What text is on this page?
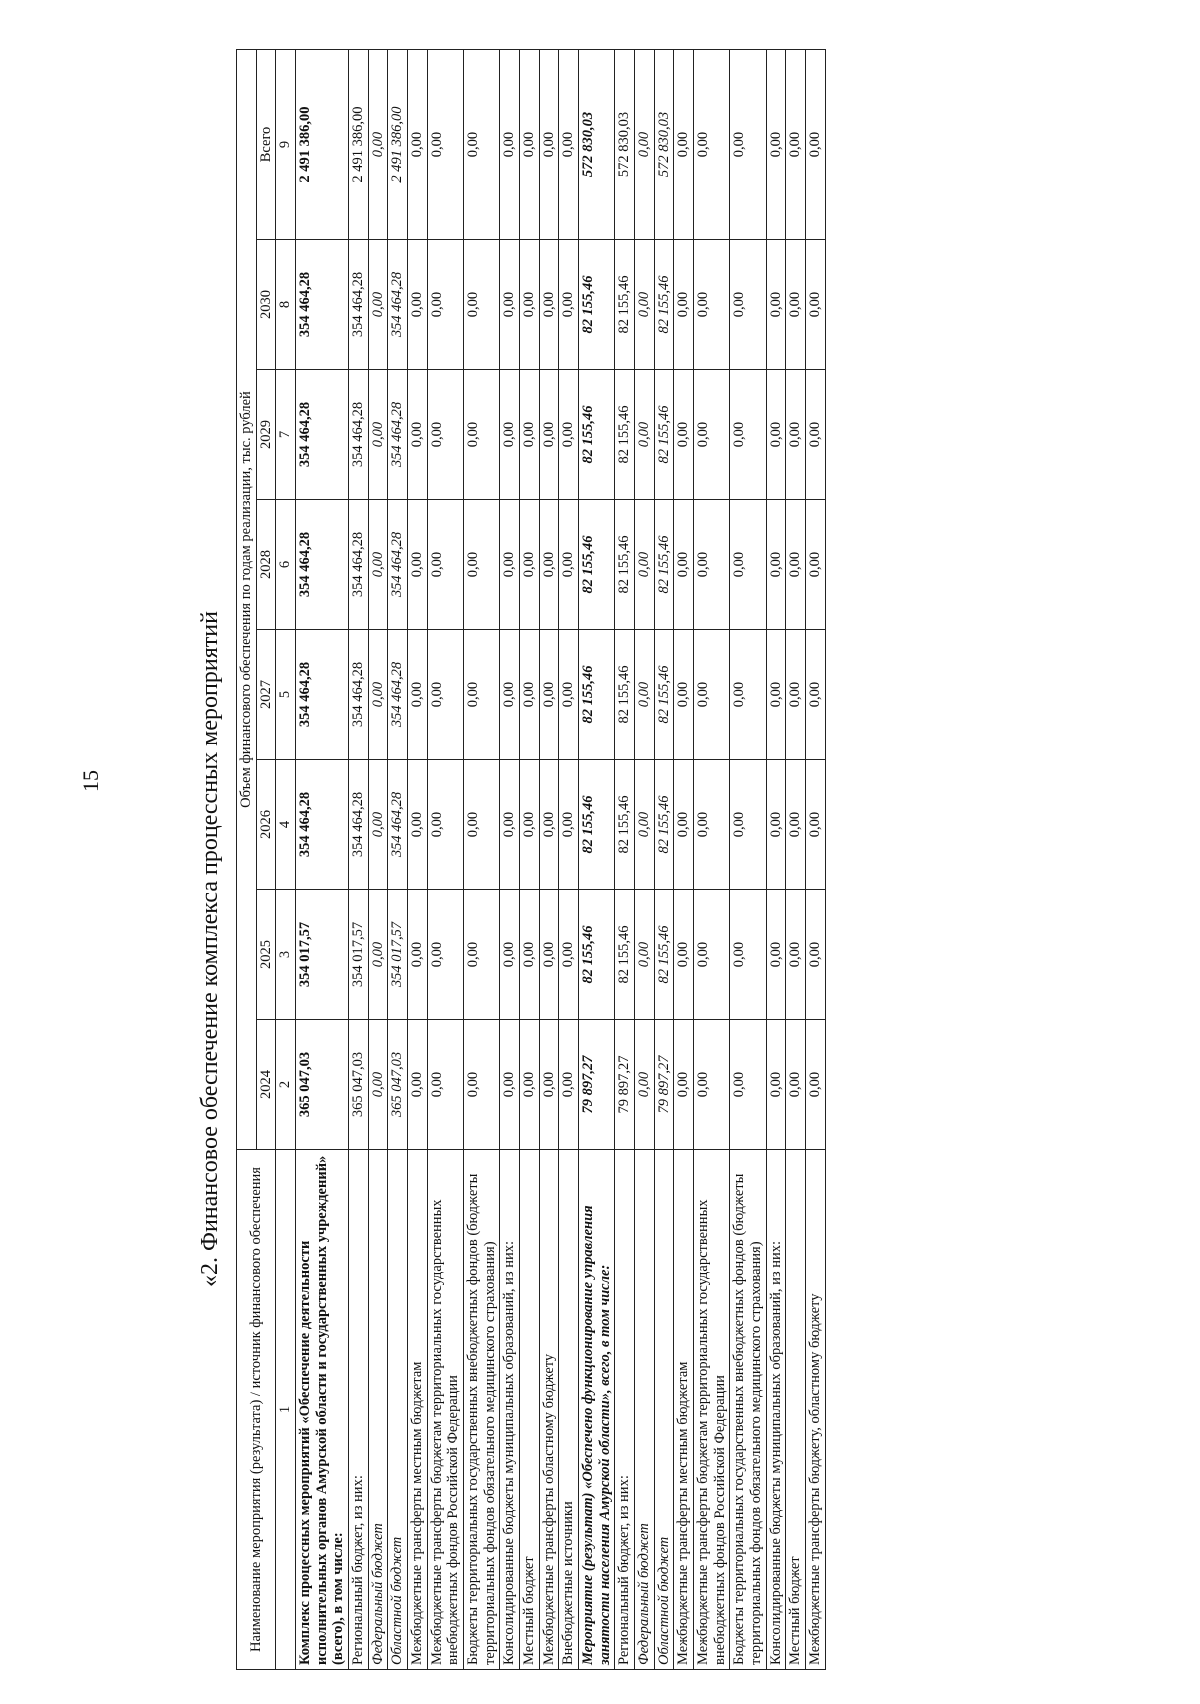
15	«2. Финансовое обеспечение комплекса процессных мероприятий
Наименование мероприятия (результата) / источник финансового обеспечения	Объем финансового обеспечения по годам реализации, тыс. рублей							
	2024	2025	2026	2027	2028	2029	2030	Всего
1	2	3	4	5	6	7	8	9
Комплекс процессных мероприятий «Обеспечение деятельности исполнительных органов Амурской области и государственных учреждений» (всего), в том числе:	365 047,03	354 017,57	354 464,28	354 464,28	354 464,28	354 464,28	354 464,28	2 491 386,00
Региональный бюджет, из них:	365 047,03	354 017,57	354 464,28	354 464,28	354 464,28	354 464,28	354 464,28	2 491 386,00
Федеральный бюджет	0,00	0,00	0,00	0,00	0,00	0,00	0,00	0,00
Областной бюджет	365 047,03	354 017,57	354 464,28	354 464,28	354 464,28	354 464,28	354 464,28	2 491 386,00
Межбюджетные трансферты местным бюджетам	0,00	0,00	0,00	0,00	0,00	0,00	0,00	0,00
Межбюджетные трансферты бюджетам территориальных государственных внебюджетных фондов Российской Федерации	0,00	0,00	0,00	0,00	0,00	0,00	0,00	0,00
Бюджеты территориальных государственных внебюджетных фондов (бюджеты территориальных фондов обязательного медицинского страхования)	0,00	0,00	0,00	0,00	0,00	0,00	0,00	0,00
Консолидированные бюджеты муниципальных образований, из них:	0,00	0,00	0,00	0,00	0,00	0,00	0,00	0,00
Местный бюджет	0,00	0,00	0,00	0,00	0,00	0,00	0,00	0,00
Межбюджетные трансферты областному бюджету	0,00	0,00	0,00	0,00	0,00	0,00	0,00	0,00
Внебюджетные источники	0,00	0,00	0,00	0,00	0,00	0,00	0,00	0,00
Мероприятие (результат) «Обеспечено функционирование управления занятости населения Амурской области», всего, в том числе:	79 897,27	82 155,46	82 155,46	82 155,46	82 155,46	82 155,46	82 155,46	572 830,03
Региональный бюджет, из них:	79 897,27	82 155,46	82 155,46	82 155,46	82 155,46	82 155,46	82 155,46	572 830,03
Федеральный бюджет	0,00	0,00	0,00	0,00	0,00	0,00	0,00	0,00
Областной бюджет	79 897,27	82 155,46	82 155,46	82 155,46	82 155,46	82 155,46	82 155,46	572 830,03
Межбюджетные трансферты местным бюджетам	0,00	0,00	0,00	0,00	0,00	0,00	0,00	0,00
Межбюджетные трансферты бюджетам территориальных государственных внебюджетных фондов Российской Федерации	0,00	0,00	0,00	0,00	0,00	0,00	0,00	0,00
Бюджеты территориальных государственных внебюджетных фондов (бюджеты территориальных фондов обязательного медицинского страхования)	0,00	0,00	0,00	0,00	0,00	0,00	0,00	0,00
Консолидированные бюджеты муниципальных образований, из них:	0,00	0,00	0,00	0,00	0,00	0,00	0,00	0,00
Местный бюджет	0,00	0,00	0,00	0,00	0,00	0,00	0,00	0,00
Межбюджетные трансферты бюджету, областному бюджету	0,00	0,00	0,00	0,00	0,00	0,00	0,00	0,00
